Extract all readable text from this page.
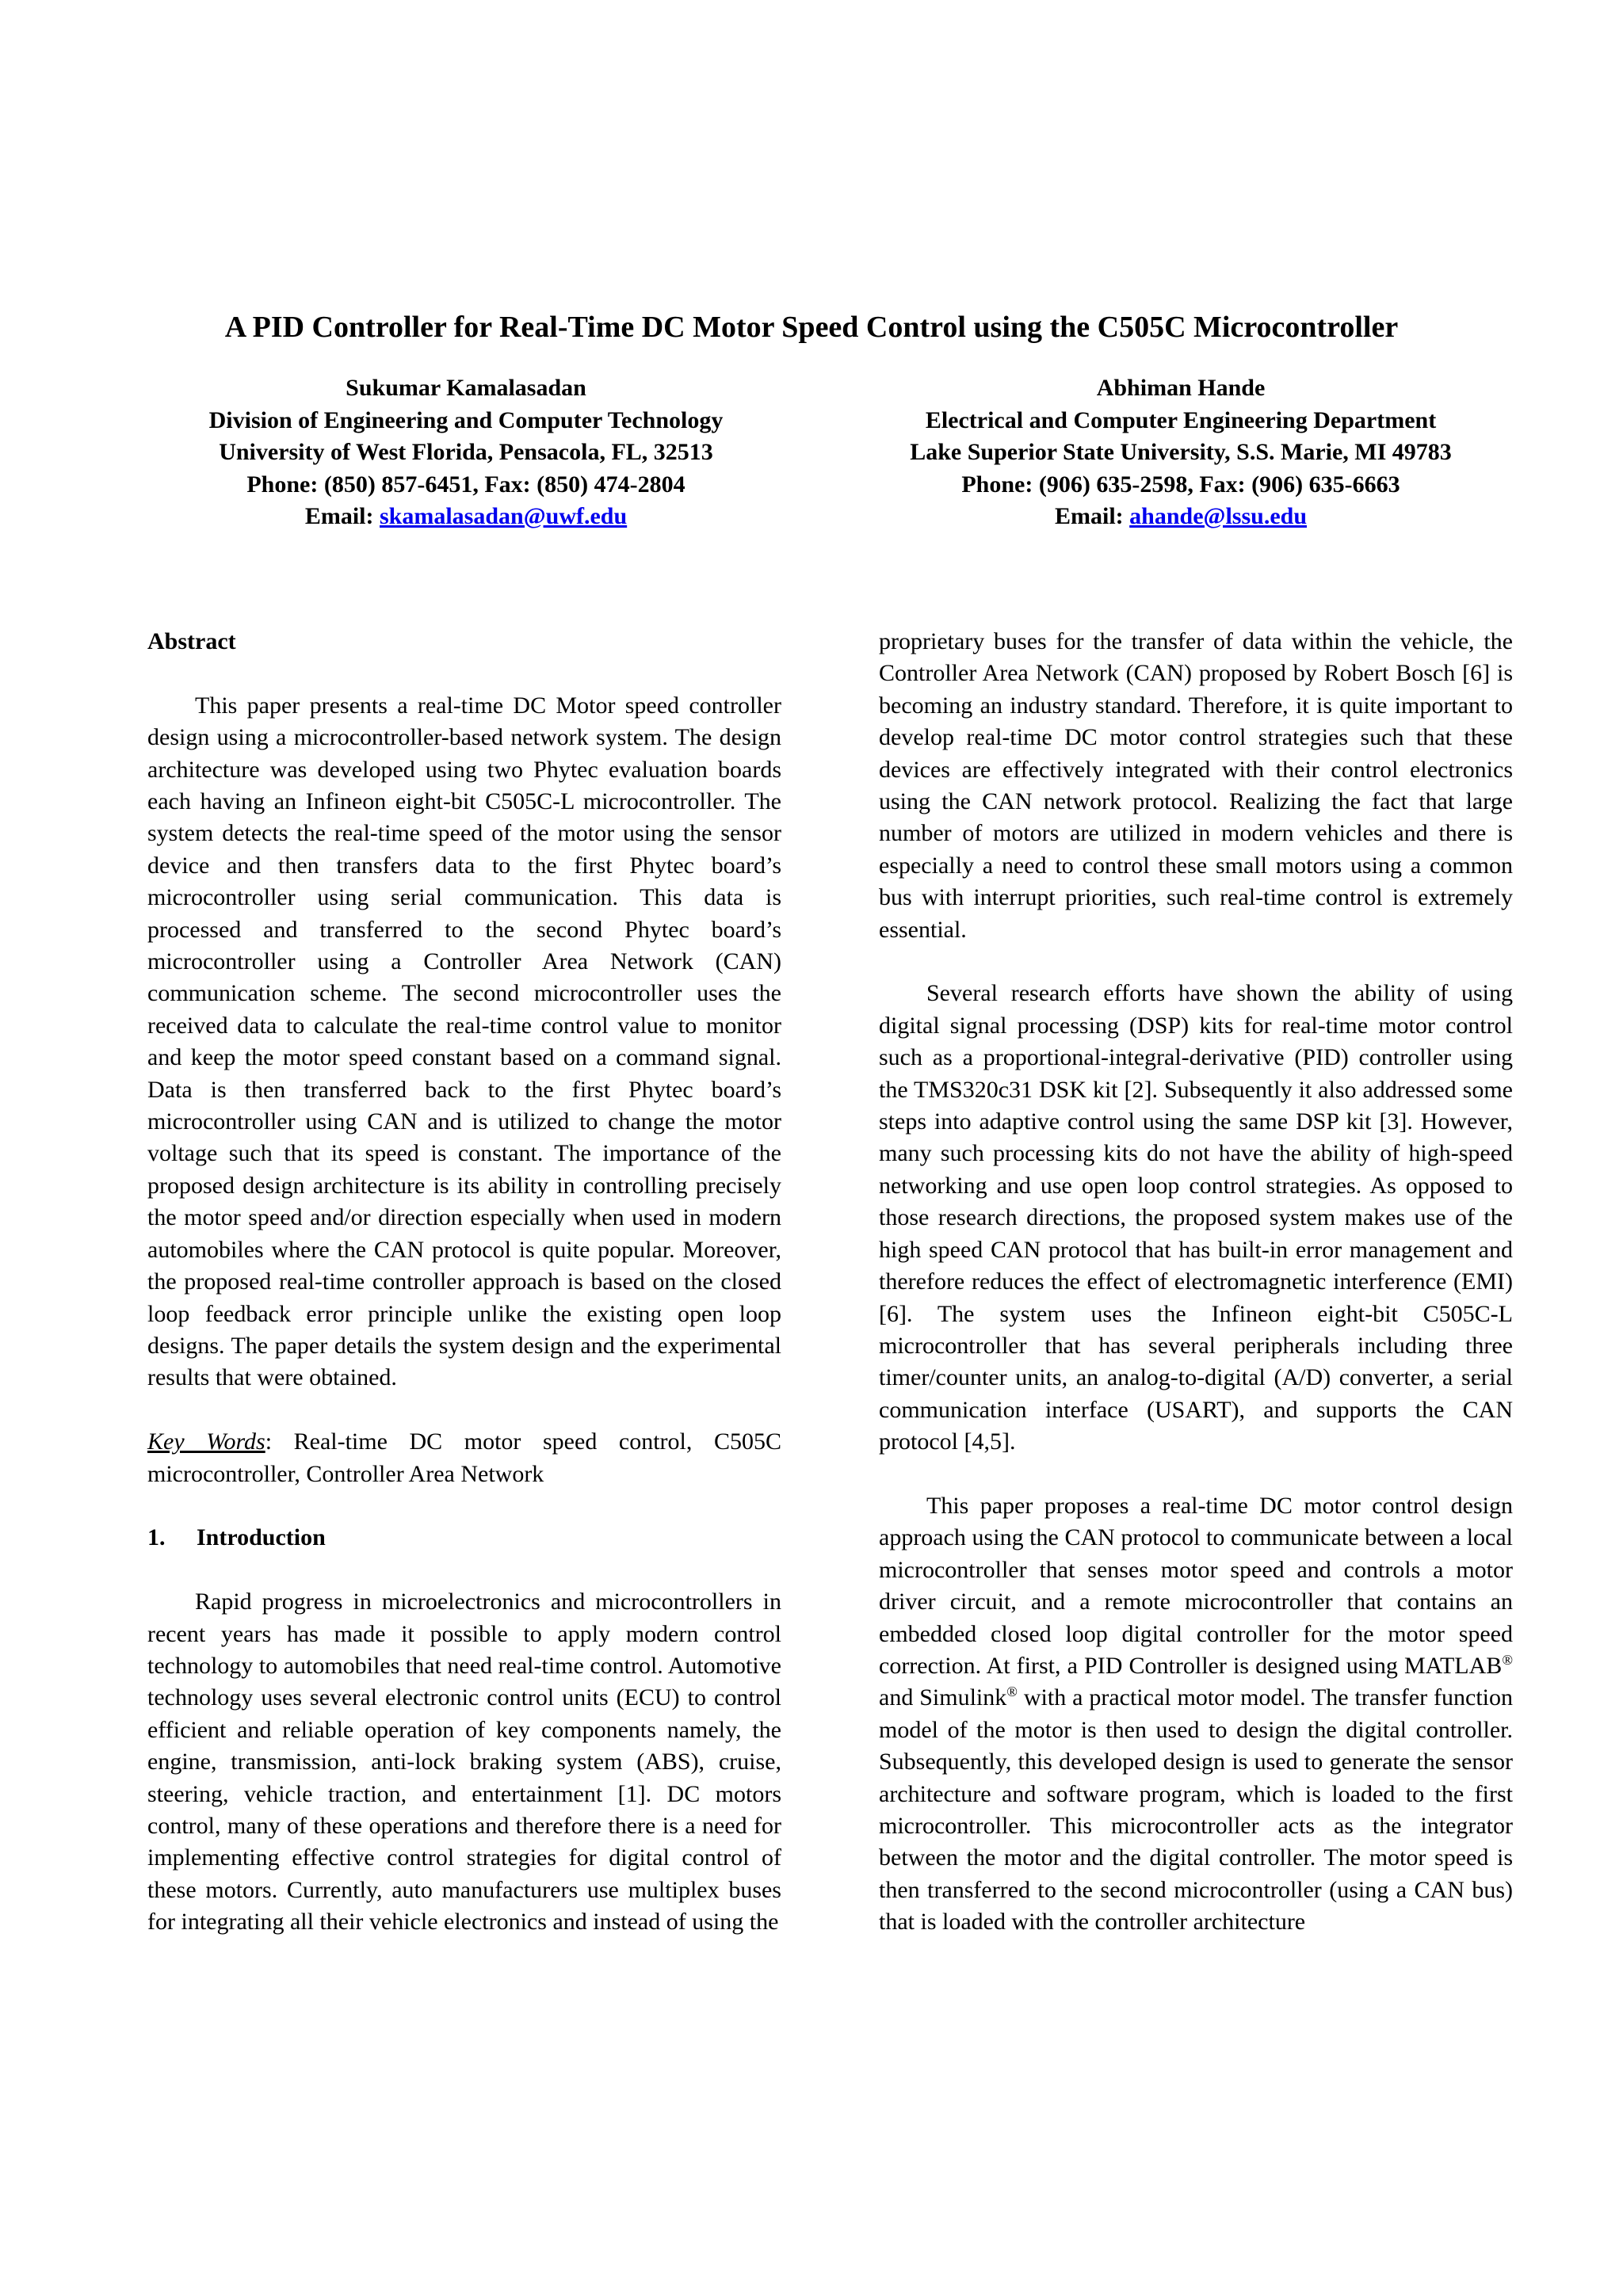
A PID Controller for Real-Time DC Motor Speed Control using the C505C Microcontroller
Sukumar Kamalasadan
Division of Engineering and Computer Technology
University of West Florida, Pensacola, FL, 32513
Phone: (850) 857-6451, Fax: (850) 474-2804
Email: skamalasadan@uwf.edu
Abhiman Hande
Electrical and Computer Engineering Department
Lake Superior State University, S.S. Marie, MI 49783
Phone: (906) 635-2598, Fax: (906) 635-6663
Email: ahande@lssu.edu
Abstract

This paper presents a real-time DC Motor speed controller design using a microcontroller-based network system. The design architecture was developed using two Phytec evaluation boards each having an Infineon eight-bit C505C-L microcontroller. The system detects the real-time speed of the motor using the sensor device and then transfers data to the first Phytec board’s microcontroller using serial communication. This data is processed and transferred to the second Phytec board’s microcontroller using a Controller Area Network (CAN) communication scheme. The second microcontroller uses the received data to calculate the real-time control value to monitor and keep the motor speed constant based on a command signal. Data is then transferred back to the first Phytec board’s microcontroller using CAN and is utilized to change the motor voltage such that its speed is constant. The importance of the proposed design architecture is its ability in controlling precisely the motor speed and/or direction especially when used in modern automobiles where the CAN protocol is quite popular. Moreover, the proposed real-time controller approach is based on the closed loop feedback error principle unlike the existing open loop designs. The paper details the system design and the experimental results that were obtained.

Key Words: Real-time DC motor speed control, C505C microcontroller, Controller Area Network

1. Introduction

Rapid progress in microelectronics and microcontrollers in recent years has made it possible to apply modern control technology to automobiles that need real-time control. Automotive technology uses several electronic control units (ECU) to control efficient and reliable operation of key components namely, the engine, transmission, anti-lock braking system (ABS), cruise, steering, vehicle traction, and entertainment [1]. DC motors control, many of these operations and therefore there is a need for implementing effective control strategies for digital control of these motors. Currently, auto manufacturers use multiplex buses for integrating all their vehicle electronics and instead of using the

proprietary buses for the transfer of data within the vehicle, the Controller Area Network (CAN) proposed by Robert Bosch [6] is becoming an industry standard. Therefore, it is quite important to develop real-time DC motor control strategies such that these devices are effectively integrated with their control electronics using the CAN network protocol. Realizing the fact that large number of motors are utilized in modern vehicles and there is especially a need to control these small motors using a common bus with interrupt priorities, such real-time control is extremely essential.

Several research efforts have shown the ability of using digital signal processing (DSP) kits for real-time motor control such as a proportional-integral-derivative (PID) controller using the TMS320c31 DSK kit [2]. Subsequently it also addressed some steps into adaptive control using the same DSP kit [3]. However, many such processing kits do not have the ability of high-speed networking and use open loop control strategies. As opposed to those research directions, the proposed system makes use of the high speed CAN protocol that has built-in error management and therefore reduces the effect of electromagnetic interference (EMI) [6]. The system uses the Infineon eight-bit C505C-L microcontroller that has several peripherals including three timer/counter units, an analog-to-digital (A/D) converter, a serial communication interface (USART), and supports the CAN protocol [4,5].

This paper proposes a real-time DC motor control design approach using the CAN protocol to communicate between a local microcontroller that senses motor speed and controls a motor driver circuit, and a remote microcontroller that contains an embedded closed loop digital controller for the motor speed correction. At first, a PID Controller is designed using MATLAB® and Simulink® with a practical motor model. The transfer function model of the motor is then used to design the digital controller. Subsequently, this developed design is used to generate the sensor architecture and software program, which is loaded to the first microcontroller. This microcontroller acts as the integrator between the motor and the digital controller. The motor speed is then transferred to the second microcontroller (using a CAN bus) that is loaded with the controller architecture
